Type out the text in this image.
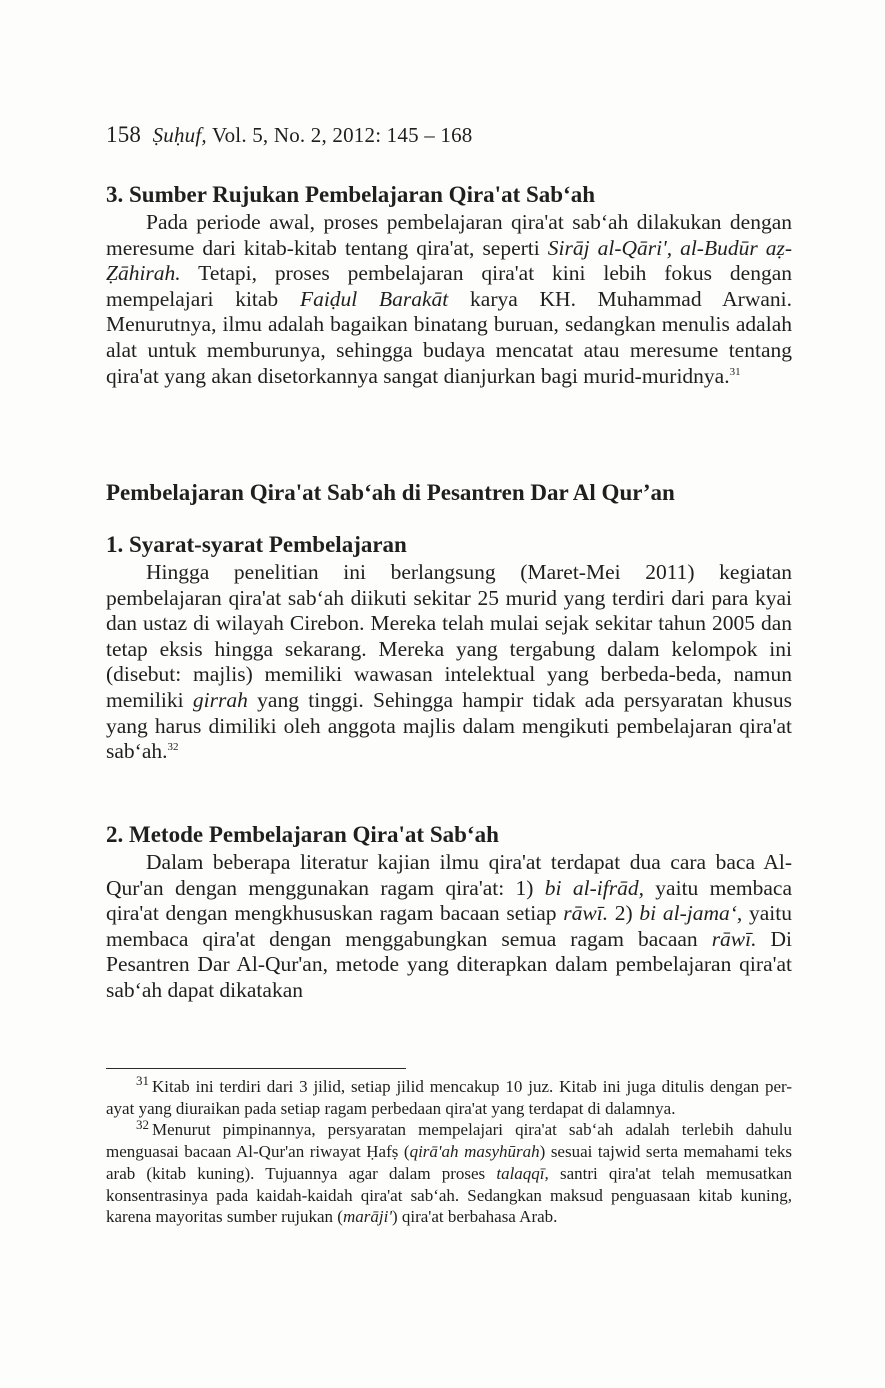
158 Ṣuḥuf, Vol. 5, No. 2, 2012: 145 – 168

3. Sumber Rujukan Pembelajaran Qira'at Sab‘ah

Pada periode awal, proses pembelajaran qira'at sab‘ah dilakukan dengan meresume dari kitab-kitab tentang qira'at, seperti Sirāj al-Qāri', al-Budūr aẓ-Ẓāhirah. Tetapi, proses pembelajaran qira'at kini lebih fokus dengan mempelajari kitab Faiḍul Barakāt karya KH. Muhammad Arwani. Menurutnya, ilmu adalah bagaikan binatang buruan, sedangkan menulis adalah alat untuk memburunya, sehingga budaya mencatat atau meresume tentang qira'at yang akan disetorkannya sangat dianjurkan bagi murid-muridnya.$^{31}$

Pembelajaran Qira'at Sab‘ah di Pesantren Dar Al Qur’an

1. Syarat-syarat Pembelajaran

Hingga penelitian ini berlangsung (Maret-Mei 2011) kegiatan pembelajaran qira'at sab‘ah diikuti sekitar 25 murid yang terdiri dari para kyai dan ustaz di wilayah Cirebon. Mereka telah mulai sejak sekitar tahun 2005 dan tetap eksis hingga sekarang. Mereka yang tergabung dalam kelompok ini (disebut: majlis) memiliki wawasan intelektual yang berbeda-beda, namun memiliki girrah yang tinggi. Sehingga hampir tidak ada persyaratan khusus yang harus dimiliki oleh anggota majlis dalam mengikuti pembelajaran qira'at sab‘ah.$^{32}$

2. Metode Pembelajaran Qira'at Sab‘ah

Dalam beberapa literatur kajian ilmu qira'at terdapat dua cara baca Al-Qur'an dengan menggunakan ragam qira'at: 1) bi al-ifrād, yaitu membaca qira'at dengan mengkhususkan ragam bacaan setiap rāwī. 2) bi al-jama‘, yaitu membaca qira'at dengan menggabungkan semua ragam bacaan rāwī. Di Pesantren Dar Al-Qur'an, metode yang diterapkan dalam pembelajaran qira'at sab‘ah dapat dikatakan

$^{31}$ Kitab ini terdiri dari 3 jilid, setiap jilid mencakup 10 juz. Kitab ini juga ditulis dengan per-ayat yang diuraikan pada setiap ragam perbedaan qira'at yang terdapat di dalamnya.

$^{32}$ Menurut pimpinannya, persyaratan mempelajari qira'at sab‘ah adalah terlebih dahulu menguasai bacaan Al-Qur'an riwayat Ḥafṣ (qirā'ah masyhūrah) sesuai tajwid serta memahami teks arab (kitab kuning). Tujuannya agar dalam proses talaqqī, santri qira'at telah memusatkan konsentrasinya pada kaidah-kaidah qira'at sab‘ah. Sedangkan maksud penguasaan kitab kuning, karena mayoritas sumber rujukan (marāji') qira'at berbahasa Arab.
